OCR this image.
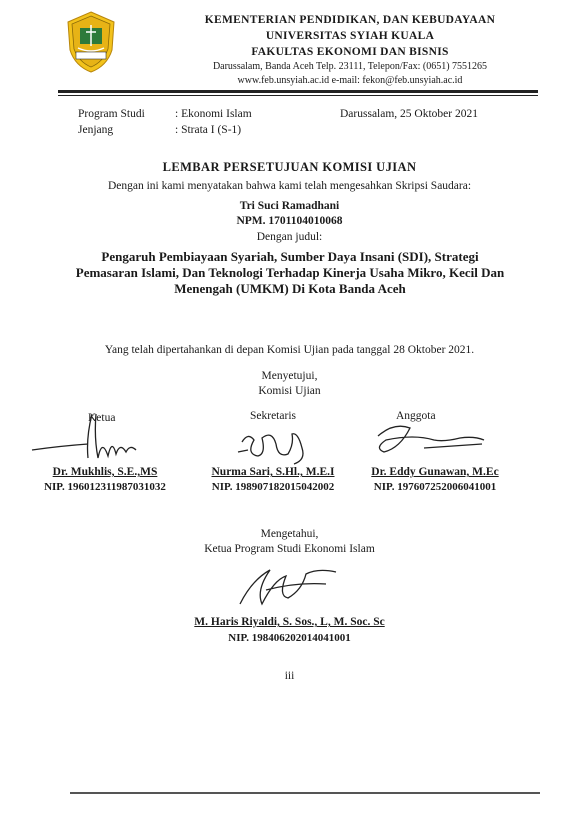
KEMENTERIAN PENDIDIKAN, DAN KEBUDAYAAN
UNIVERSITAS SYIAH KUALA
FAKULTAS EKONOMI DAN BISNIS
Darussalam, Banda Aceh Telp. 23111, Telepon/Fax: (0651) 7551265
www.feb.unsyiah.ac.id e-mail: fekon@feb.unsyiah.ac.id
Program Studi	: Ekonomi Islam
Jenjang	: Strata I (S-1)
Darussalam, 25 Oktober 2021
LEMBAR PERSETUJUAN KOMISI UJIAN
Dengan ini kami menyatakan bahwa kami telah mengesahkan Skripsi Saudara:
Tri Suci Ramadhani
NPM. 1701104010068
Dengan judul:
Pengaruh Pembiayaan Syariah, Sumber Daya Insani (SDI), Strategi Pemasaran Islami, Dan Teknologi Terhadap Kinerja Usaha Mikro, Kecil Dan Menengah (UMKM) Di Kota Banda Aceh
Yang telah dipertahankan di depan Komisi Ujian pada tanggal 28 Oktober 2021.
Menyetujui,
Komisi Ujian
Ketua
Dr. Mukhlis, S.E.,MS
NIP. 196012311987031032
Sekretaris
Nurma Sari, S.Hl., M.E.I
NIP. 198907182015042002
Anggota
Dr. Eddy Gunawan, M.Ec
NIP. 197607252006041001
Mengetahui,
Ketua Program Studi Ekonomi Islam
M. Haris Riyaldi, S. Sos., L, M. Soc. Sc
NIP. 198406202014041001
iii
